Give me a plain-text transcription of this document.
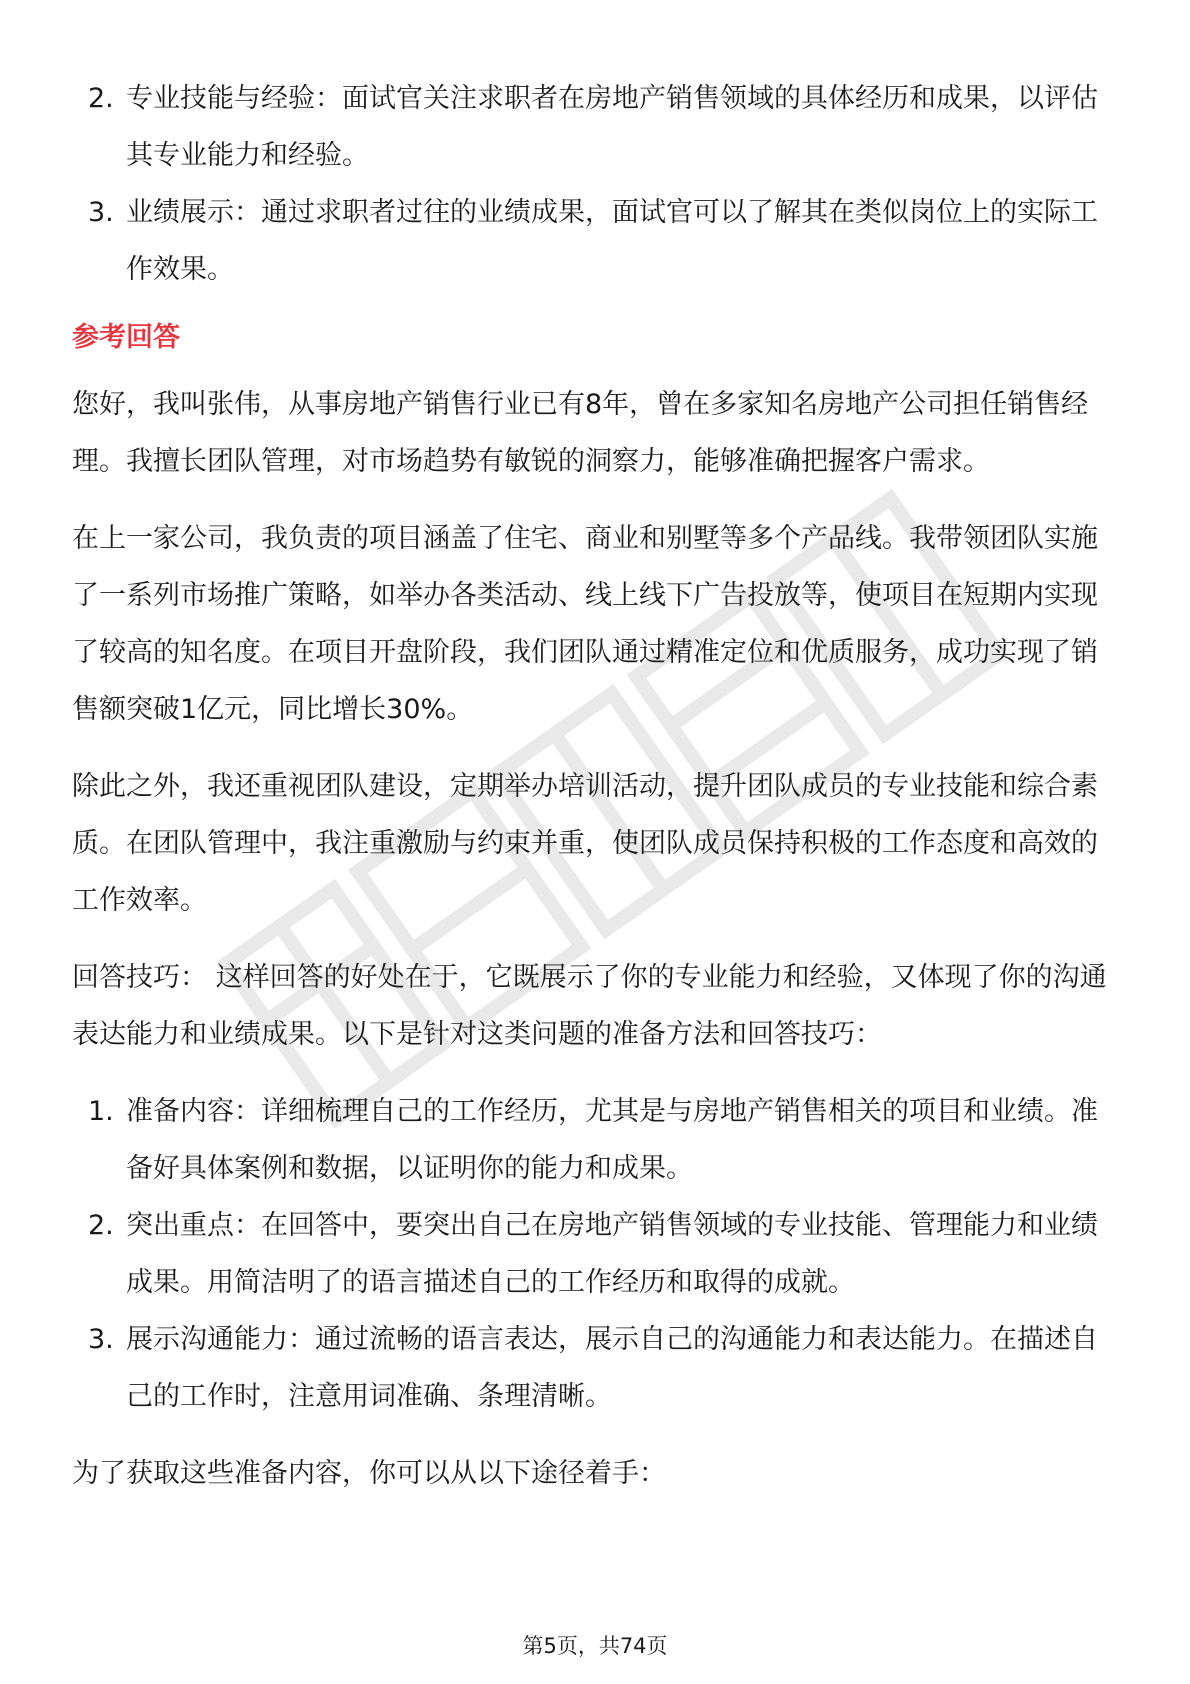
2. 专业技能与经验：面试官关注求职者在房地产销售领域的具体经历和成果，以评估其专业能力和经验。
3. 业绩展示：通过求职者过往的业绩成果，面试官可以了解其在类似岗位上的实际工作效果。
参考回答

您好，我叫张伟，从事房地产销售行业已有8年，曾在多家知名房地产公司担任销售经理。我擅长团队管理，对市场趋势有敏锐的洞察力，能够准确把握客户需求。

在上一家公司，我负责的项目涵盖了住宅、商业和别墅等多个产品线。我带领团队实施了一系列市场推广策略，如举办各类活动、线上线下广告投放等，使项目在短期内实现了较高的知名度。在项目开盘阶段，我们团队通过精准定位和优质服务，成功实现了销售额突破1亿元，同比增长30%。

除此之外，我还重视团队建设，定期举办培训活动，提升团队成员的专业技能和综合素质。在团队管理中，我注重激励与约束并重，使团队成员保持积极的工作态度和高效的工作效率。

回答技巧： 这样回答的好处在于，它既展示了你的专业能力和经验，又体现了你的沟通表达能力和业绩成果。以下是针对这类问题的准备方法和回答技巧：

1. 准备内容：详细梳理自己的工作经历，尤其是与房地产销售相关的项目和业绩。准备好具体案例和数据，以证明你的能力和成果。
2. 突出重点：在回答中，要突出自己在房地产销售领域的专业技能、管理能力和业绩成果。用简洁明了的语言描述自己的工作经历和取得的成就。
3. 展示沟通能力：通过流畅的语言表达，展示自己的沟通能力和表达能力。在描述自己的工作时，注意用词准确、条理清晰。

为了获取这些准备内容，你可以从以下途径着手：

第5页，共74页
